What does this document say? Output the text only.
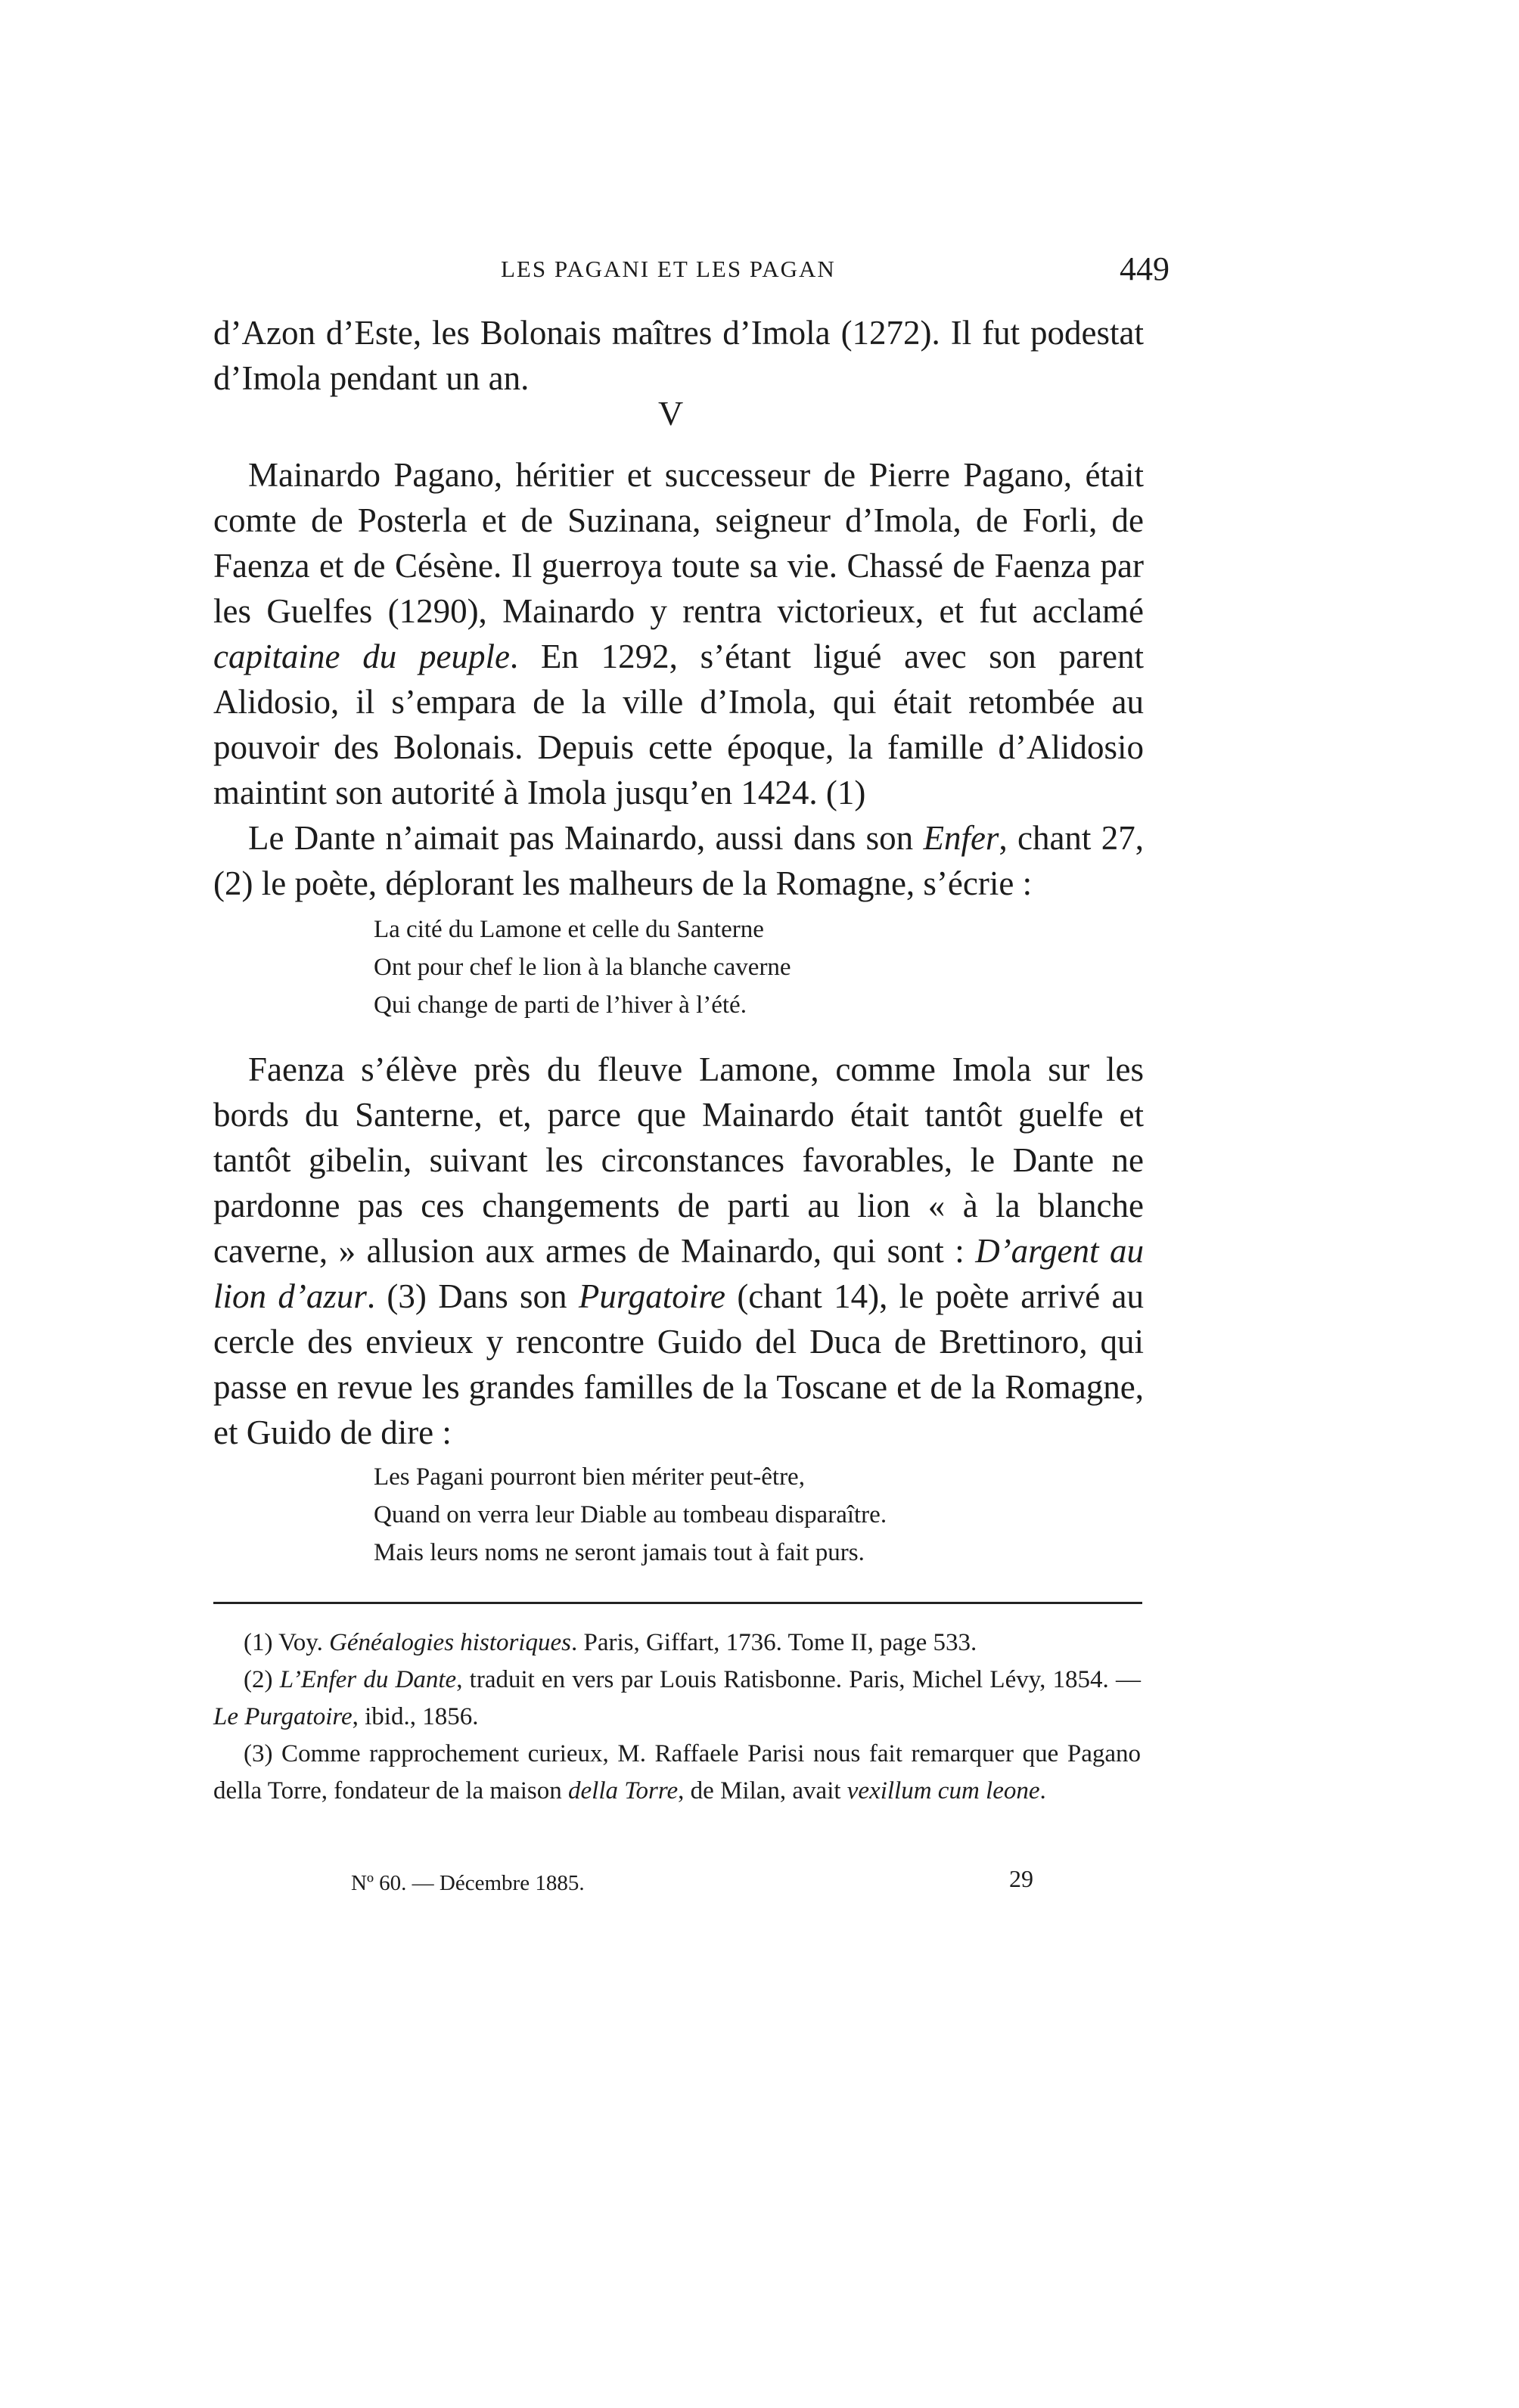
LES PAGANI ET LES PAGAN	449

d’Azon d’Este, les Bolonais maîtres d’Imola (1272). Il fut podestat d’Imola pendant un an.

V

Mainardo Pagano, héritier et successeur de Pierre Pagano, était comte de Posterla et de Suzinana, seigneur d’Imola, de Forli, de Faenza et de Césène. Il guerroya toute sa vie. Chassé de Faenza par les Guelfes (1290), Mainardo y rentra victorieux, et fut acclamé capitaine du peuple. En 1292, s’étant ligué avec son parent Alidosio, il s’empara de la ville d’Imola, qui était retombée au pouvoir des Bolonais. Depuis cette époque, la famille d’Alidosio maintint son autorité à Imola jusqu’en 1424. (1)

Le Dante n’aimait pas Mainardo, aussi dans son Enfer, chant 27, (2) le poète, déplorant les malheurs de la Romagne, s’écrie :

La cité du Lamone et celle du Santerne
Ont pour chef le lion à la blanche caverne
Qui change de parti de l’hiver à l’été.

Faenza s’élève près du fleuve Lamone, comme Imola sur les bords du Santerne, et, parce que Mainardo était tantôt guelfe et tantôt gibelin, suivant les circonstances favorables, le Dante ne pardonne pas ces changements de parti au lion « à la blanche caverne, » allusion aux armes de Mainardo, qui sont : D’argent au lion d’azur. (3) Dans son Purgatoire (chant 14), le poète arrivé au cercle des envieux y rencontre Guido del Duca de Brettinoro, qui passe en revue les grandes familles de la Toscane et de la Romagne, et Guido de dire :

Les Pagani pourront bien mériter peut-être,
Quand on verra leur Diable au tombeau disparaître.
Mais leurs noms ne seront jamais tout à fait purs.

(1) Voy. Généalogies historiques. Paris, Giffart, 1736. Tome II, page 533.

(2) L’Enfer du Dante, traduit en vers par Louis Ratisbonne. Paris, Michel Lévy, 1854. — Le Purgatoire, ibid., 1856.

(3) Comme rapprochement curieux, M. Raffaele Parisi nous fait remarquer que Pagano della Torre, fondateur de la maison della Torre, de Milan, avait vexillum cum leone.

Nº 60. — Décembre 1885.	29
